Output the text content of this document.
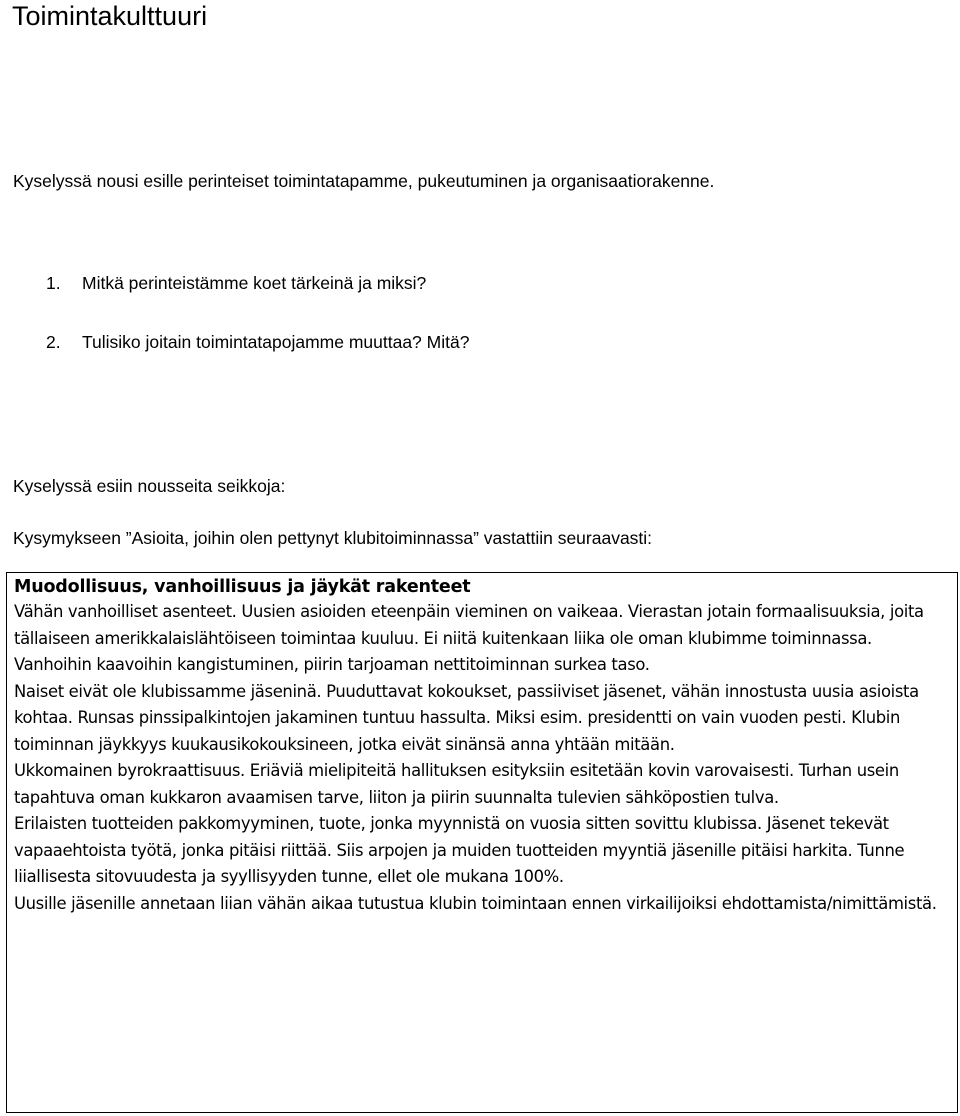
Toimintakulttuuri

Kyselyssä nousi esille perinteiset toimintatapamme, pukeutuminen ja organisaatiorakenne.

1. Mitkä perinteistämme koet tärkeinä ja miksi?

2. Tulisiko joitain toimintatapojamme muuttaa? Mitä?

Kyselyssä esiin nousseita seikkoja:

Kysymykseen ”Asioita, joihin olen pettynyt klubitoiminnassa” vastattiin seuraavasti:

Muodollisuus, vanhoillisuus ja jäykät rakenteet

Vähän vanhoilliset asenteet. Uusien asioiden eteenpäin vieminen on vaikeaa. Vierastan jotain formaalisuuksia, joita tällaiseen amerikkalaislähtöiseen toimintaa kuuluu. Ei niitä kuitenkaan liika ole oman klubimme toiminnassa. Vanhoihin kaavoihin kangistuminen, piirin tarjoaman nettitoiminnan surkea taso.

Naiset eivät ole klubissamme jäseninä. Puuduttavat kokoukset, passiiviset jäsenet, vähän innostusta uusia asioista kohtaa. Runsas pinssipalkintojen jakaminen tuntuu hassulta. Miksi esim. presidentti on vain vuoden pesti. Klubin toiminnan jäykkyys kuukausikokouksineen, jotka eivät sinänsä anna yhtään mitään.

Ukkomainen byrokraattisuus. Eriäviä mielipiteitä hallituksen esityksiin esitetään kovin varovaisesti. Turhan usein tapahtuva oman kukkaron avaamisen tarve, liiton ja piirin suunnalta tulevien sähköpostien tulva.

Erilaisten tuotteiden pakkomyyminen, tuote, jonka myynnistä on vuosia sitten sovittu klubissa. Jäsenet tekevät vapaaehtoista työtä, jonka pitäisi riittää. Siis arpojen ja muiden tuotteiden myyntiä jäsenille pitäisi harkita. Tunne liiallisesta sitovuudesta ja syyllisyyden tunne, ellet ole mukana 100%.

Uusille jäsenille annetaan liian vähän aikaa tutustua klubin toimintaan ennen virkailijoiksi ehdottamista/nimittämistä.
